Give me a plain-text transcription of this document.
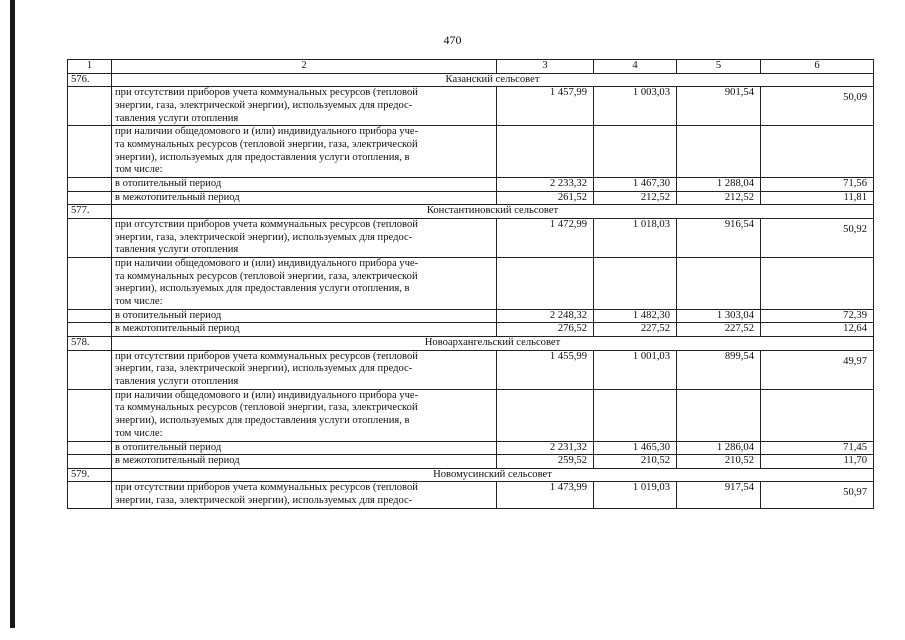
470
1	2	3	4	5	6
576.	Казанский сельсовет				

	при отсутствии приборов учета коммунальных ресурсов (тепловой
энергии, газа, электрической энергии), используемых для предос-
тавления услуги отопления	1 457,99	1 003,03	901,54	50,09

	при наличии общедомового и (или) индивидуального прибора уче-
та коммунальных ресурсов (тепловой энергии, газа, электрической
энергии), используемых для предоставления услуги отопления, в
том числе:				

	в отопительный период	2 233,32	1 467,30	1 288,04	71,56
	в межотопительный период	261,52	212,52	212,52	11,81
577.	Константиновский сельсовет				

	при отсутствии приборов учета коммунальных ресурсов (тепловой
энергии, газа, электрической энергии), используемых для предос-
тавления услуги отопления	1 472,99	1 018,03	916,54	50,92

	при наличии общедомового и (или) индивидуального прибора уче-
та коммунальных ресурсов (тепловой энергии, газа, электрической
энергии), используемых для предоставления услуги отопления, в
том числе:				

	в отопительный период	2 248,32	1 482,30	1 303,04	72,39
	в межотопительный период	276,52	227,52	227,52	12,64
578.	Новоархангельский сельсовет				

	при отсутствии приборов учета коммунальных ресурсов (тепловой
энергии, газа, электрической энергии), используемых для предос-
тавления услуги отопления	1 455,99	1 001,03	899,54	49,97

	при наличии общедомового и (или) индивидуального прибора уче-
та коммунальных ресурсов (тепловой энергии, газа, электрической
энергии), используемых для предоставления услуги отопления, в
том числе:				

	в отопительный период	2 231,32	1 465,30	1 286,04	71,45
	в межотопительный период	259,52	210,52	210,52	11,70
579.	Новомусинский сельсовет				

	при отсутствии приборов учета коммунальных ресурсов (тепловой
энергии, газа, электрической энергии), используемых для предос-	1 473,99	1 019,03	917,54	50,97
